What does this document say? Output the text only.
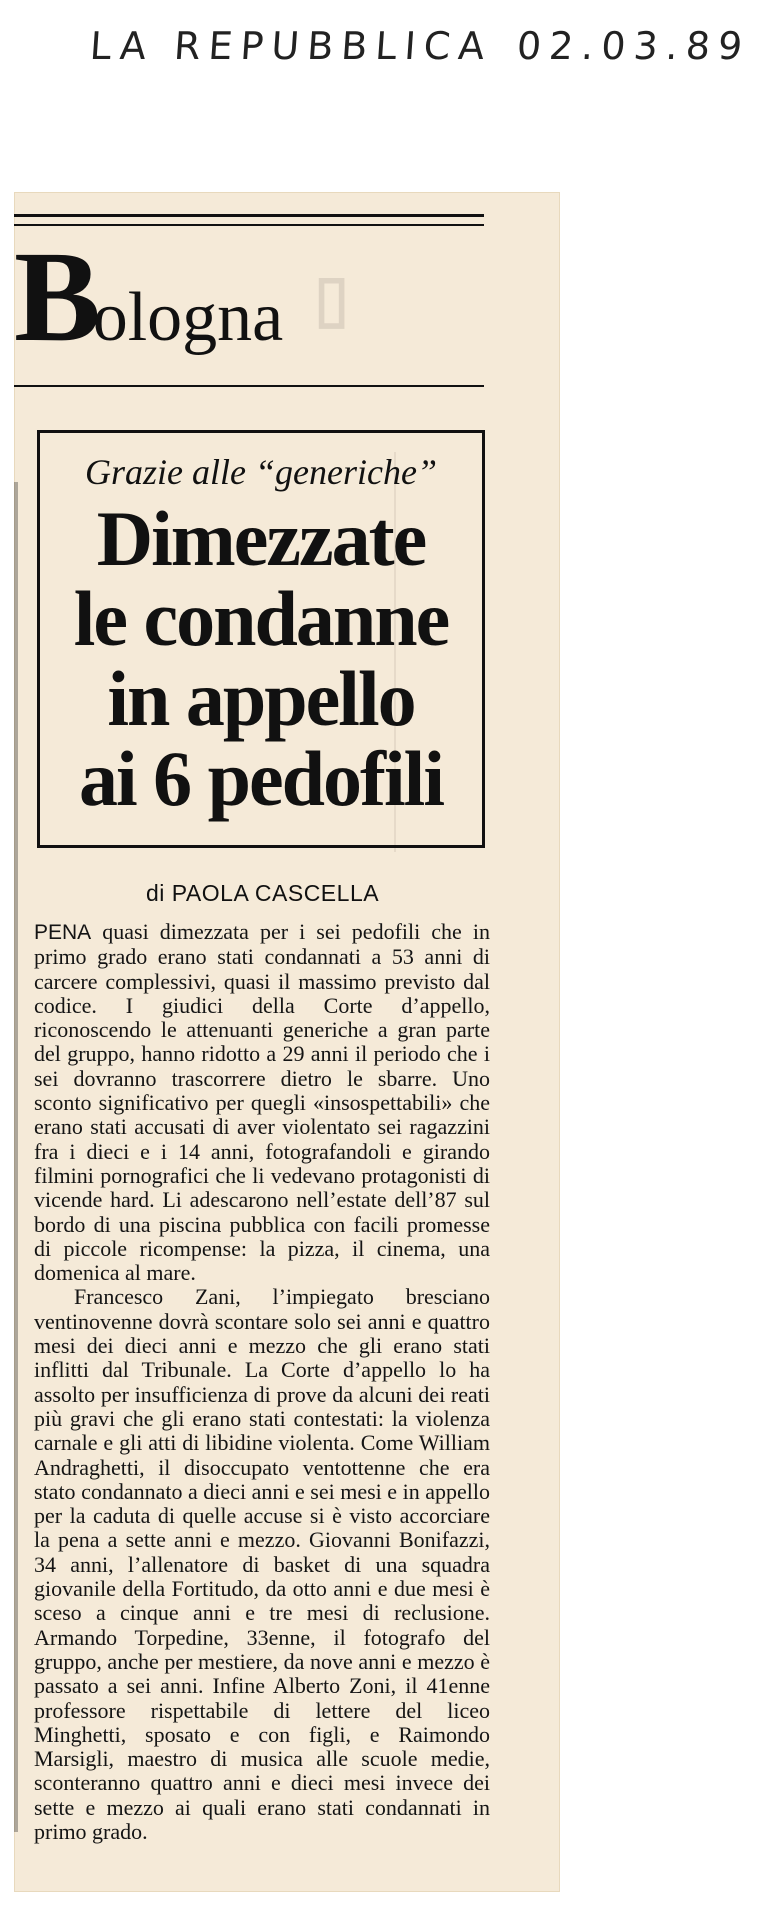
LA REPUBBLICA 02.03.89
▯
Bologna
Grazie alle “generiche”
Dimezzate
le condanne
in appello
ai 6 pedofili
di PAOLA CASCELLA

PENA quasi dimezzata per i sei pedofili che in primo grado erano stati condannati a 53 anni di carcere complessivi, quasi il massimo previsto dal codice. I giudici della Corte d’appello, riconoscendo le attenuanti generiche a gran parte del gruppo, hanno ridotto a 29 anni il periodo che i sei dovranno trascorrere dietro le sbarre. Uno sconto significativo per quegli «insospettabili» che erano stati accusati di aver violentato sei ragazzini fra i dieci e i 14 anni, fotografandoli e girando filmini pornografici che li vedevano protagonisti di vicende hard. Li adescarono nell’estate dell’87 sul bordo di una piscina pubblica con facili promesse di piccole ricompense: la pizza, il cinema, una domenica al mare.

Francesco Zani, l’impiegato bresciano ventinovenne dovrà scontare solo sei anni e quattro mesi dei dieci anni e mezzo che gli erano stati inflitti dal Tribunale. La Corte d’appello lo ha assolto per insufficienza di prove da alcuni dei reati più gravi che gli erano stati contestati: la violenza carnale e gli atti di libidine violenta. Come William Andraghetti, il disoccupato ventottenne che era stato condannato a dieci anni e sei mesi e in appello per la caduta di quelle accuse si è visto accorciare la pena a sette anni e mezzo. Giovanni Bonifazzi, 34 anni, l’allenatore di basket di una squadra giovanile della Fortitudo, da otto anni e due mesi è sceso a cinque anni e tre mesi di reclusione. Armando Torpedine, 33enne, il fotografo del gruppo, anche per mestiere, da nove anni e mezzo è passato a sei anni. Infine Alberto Zoni, il 41enne professore rispettabile di lettere del liceo Minghetti, sposato e con figli, e Raimondo Marsigli, maestro di musica alle scuole medie, sconteranno quattro anni e dieci mesi invece dei sette e mezzo ai quali erano stati condannati in primo grado.
